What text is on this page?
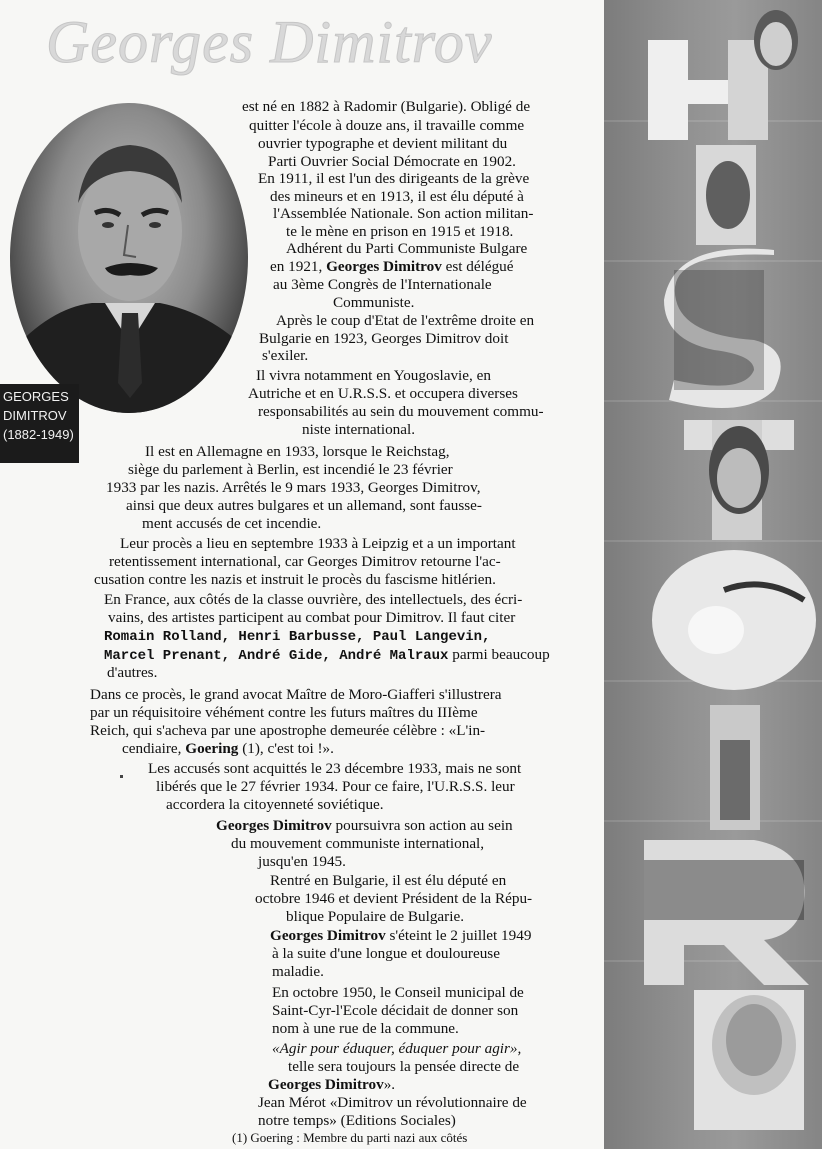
Georges Dimitrov
GEORGES
DIMITROV
(1882-1949)
est né en 1882 à Radomir (Bulgarie). Obligé de
quitter l'école à douze ans, il travaille comme
ouvrier typographe et devient militant du
Parti Ouvrier Social Démocrate en 1902.
En 1911, il est l'un des dirigeants de la grève
des mineurs et en 1913, il est élu député à
l'Assemblée Nationale. Son action militan-
te le mène en prison en 1915 et 1918.
Adhérent du Parti Communiste Bulgare
en 1921, Georges Dimitrov est délégué
au 3ème Congrès de l'Internationale
Communiste.
Après le coup d'Etat de l'extrême droite en
Bulgarie en 1923, Georges Dimitrov doit
s'exiler.
Il vivra notamment en Yougoslavie, en
Autriche et en U.R.S.S. et occupera diverses
responsabilités au sein du mouvement commu-
niste international.
Il est en Allemagne en 1933, lorsque le Reichstag,
siège du parlement à Berlin, est incendié le 23 février
1933 par les nazis. Arrêtés le 9 mars 1933, Georges Dimitrov,
ainsi que deux autres bulgares et un allemand, sont fausse-
ment accusés de cet incendie.
Leur procès a lieu en septembre 1933 à Leipzig et a un important
retentissement international, car Georges Dimitrov retourne l'ac-
cusation contre les nazis et instruit le procès du fascisme hitlérien.
En France, aux côtés de la classe ouvrière, des intellectuels, des écri-
vains, des artistes participent au combat pour Dimitrov. Il faut citer
Romain Rolland, Henri Barbusse, Paul Langevin,
Marcel Prenant, André Gide, André Malraux parmi beaucoup
d'autres.
Dans ce procès, le grand avocat Maître de Moro-Giafferi s'illustrera
par un réquisitoire véhément contre les futurs maîtres du IIIème
Reich, qui s'acheva par une apostrophe demeurée célèbre : «L'in-
cendiaire, Goering (1), c'est toi !».
Les accusés sont acquittés le 23 décembre 1933, mais ne sont
libérés que le 27 février 1934. Pour ce faire, l'U.R.S.S. leur
accordera la citoyenneté soviétique.
Georges Dimitrov poursuivra son action au sein
du mouvement communiste international,
jusqu'en 1945.
Rentré en Bulgarie, il est élu député en
octobre 1946 et devient Président de la Répu-
blique Populaire de Bulgarie.
Georges Dimitrov s'éteint le 2 juillet 1949
à la suite d'une longue et douloureuse
maladie.
En octobre 1950, le Conseil municipal de
Saint-Cyr-l'Ecole décidait de donner son
nom à une rue de la commune.
«Agir pour éduquer, éduquer pour agir»,
telle sera toujours la pensée directe de
Georges Dimitrov».
Jean Mérot «Dimitrov un révolutionnaire de
notre temps» (Editions Sociales)
(1) Goering : Membre du parti nazi aux côtés
